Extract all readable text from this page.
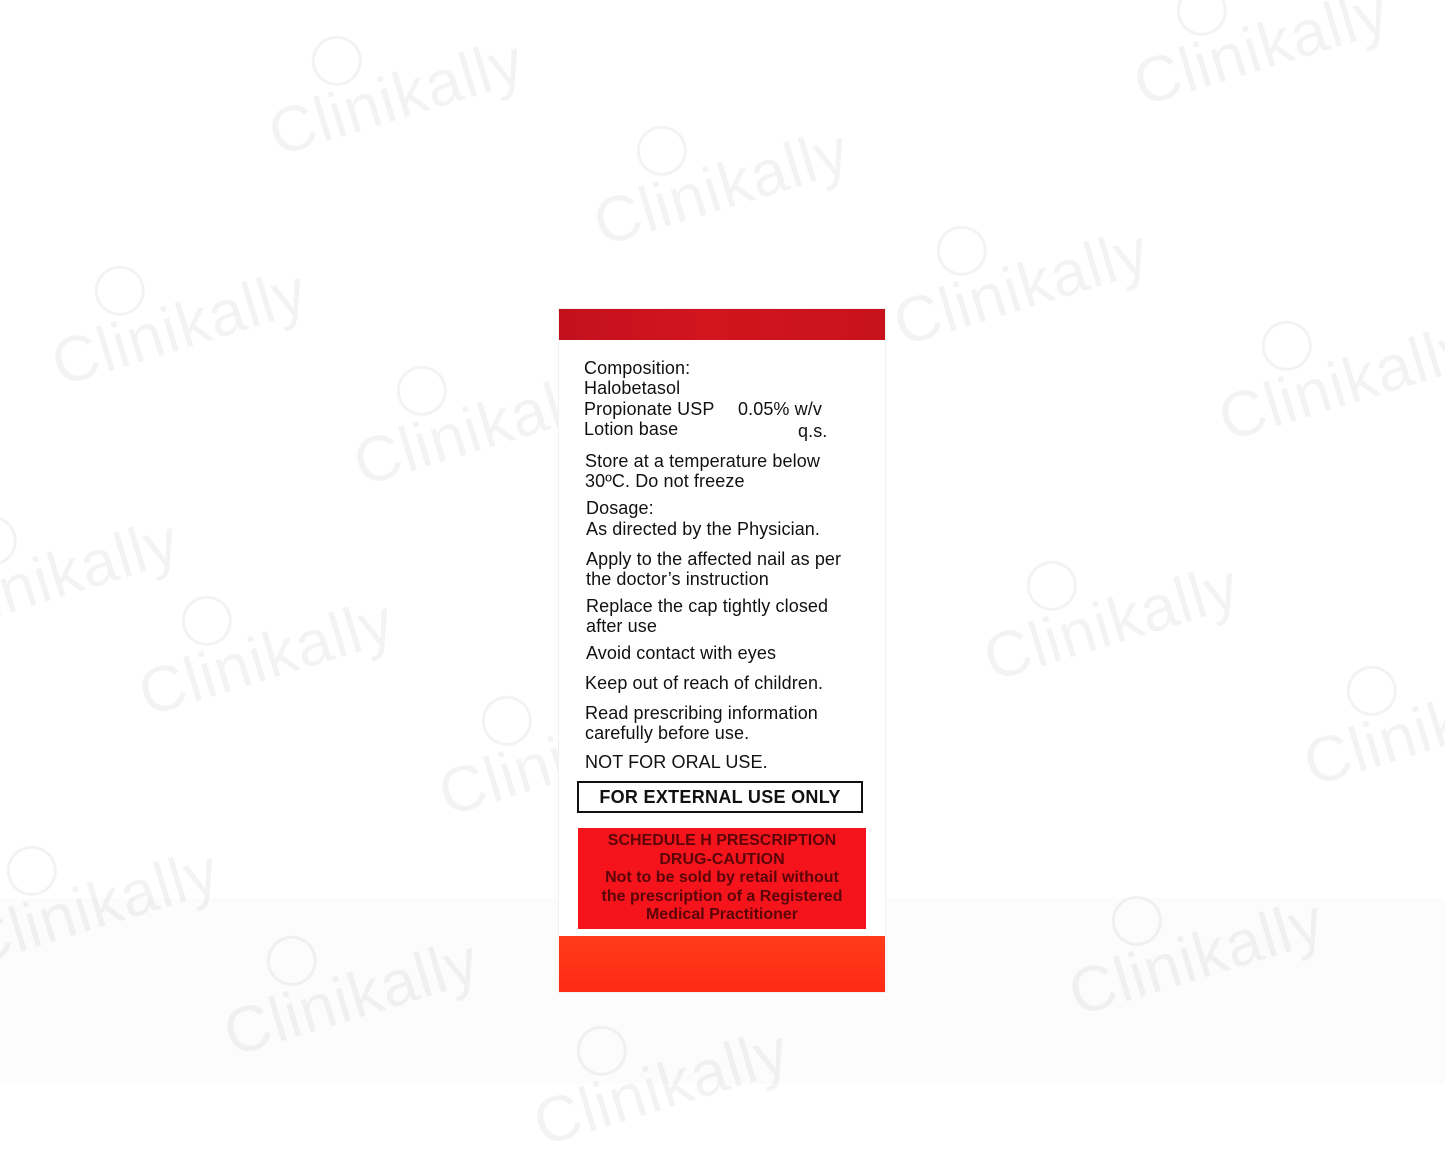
Composition:
Halobetasol
Propionate USP 0.05% w/v
Lotion base	q.s.
Store at a temperature below
30ºC. Do not freeze
Dosage:
As directed by the Physician.
Apply to the affected nail as per
the doctor’s instruction
Replace the cap tightly closed
after use
Avoid contact with eyes
Keep out of reach of children.
Read prescribing information
carefully before use.
NOT FOR ORAL USE.
FOR EXTERNAL USE ONLY
SCHEDULE H PRESCRIPTION
DRUG-CAUTION
Not to be sold by retail without
the prescription of a Registered
Medical Practitioner
